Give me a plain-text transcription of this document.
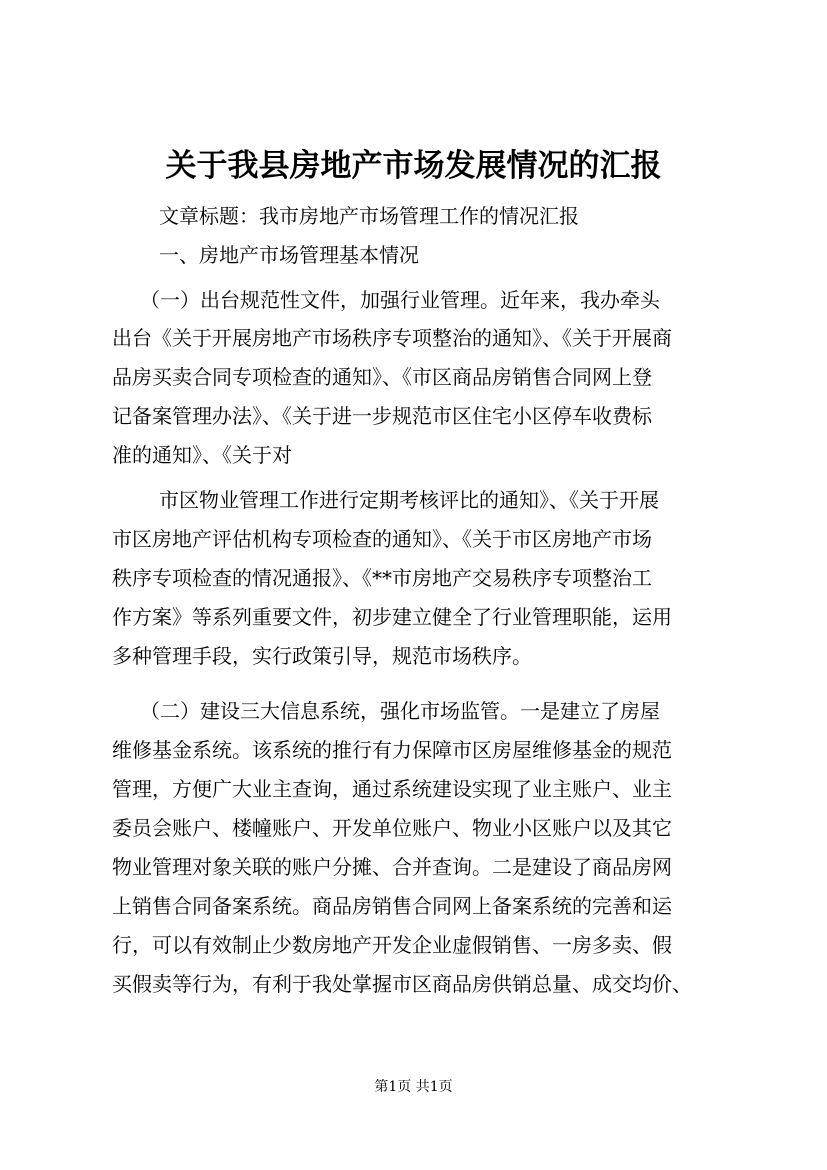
关于我县房地产市场发展情况的汇报
文章标题：我市房地产市场管理工作的情况汇报
一、房地产市场管理基本情况
（一）出台规范性文件，加强行业管理。近年来，我办牵头
出台《关于开展房地产市场秩序专项整治的通知》、《关于开展商
品房买卖合同专项检查的通知》、《市区商品房销售合同网上登
记备案管理办法》、《关于进一步规范市区住宅小区停车收费标
准的通知》、《关于对
市区物业管理工作进行定期考核评比的通知》、《关于开展
市区房地产评估机构专项检查的通知》、《关于市区房地产市场
秩序专项检查的情况通报》、《**市房地产交易秩序专项整治工
作方案》等系列重要文件，初步建立健全了行业管理职能，运用
多种管理手段，实行政策引导，规范市场秩序。
（二）建设三大信息系统，强化市场监管。一是建立了房屋
维修基金系统。该系统的推行有力保障市区房屋维修基金的规范
管理，方便广大业主查询，通过系统建设实现了业主账户、业主
委员会账户、楼幢账户、开发单位账户、物业小区账户以及其它
物业管理对象关联的账户分摊、合并查询。二是建设了商品房网
上销售合同备案系统。商品房销售合同网上备案系统的完善和运
行，可以有效制止少数房地产开发企业虚假销售、一房多卖、假
买假卖等行为，有利于我处掌握市区商品房供销总量、成交均价、
第1页 共1页
